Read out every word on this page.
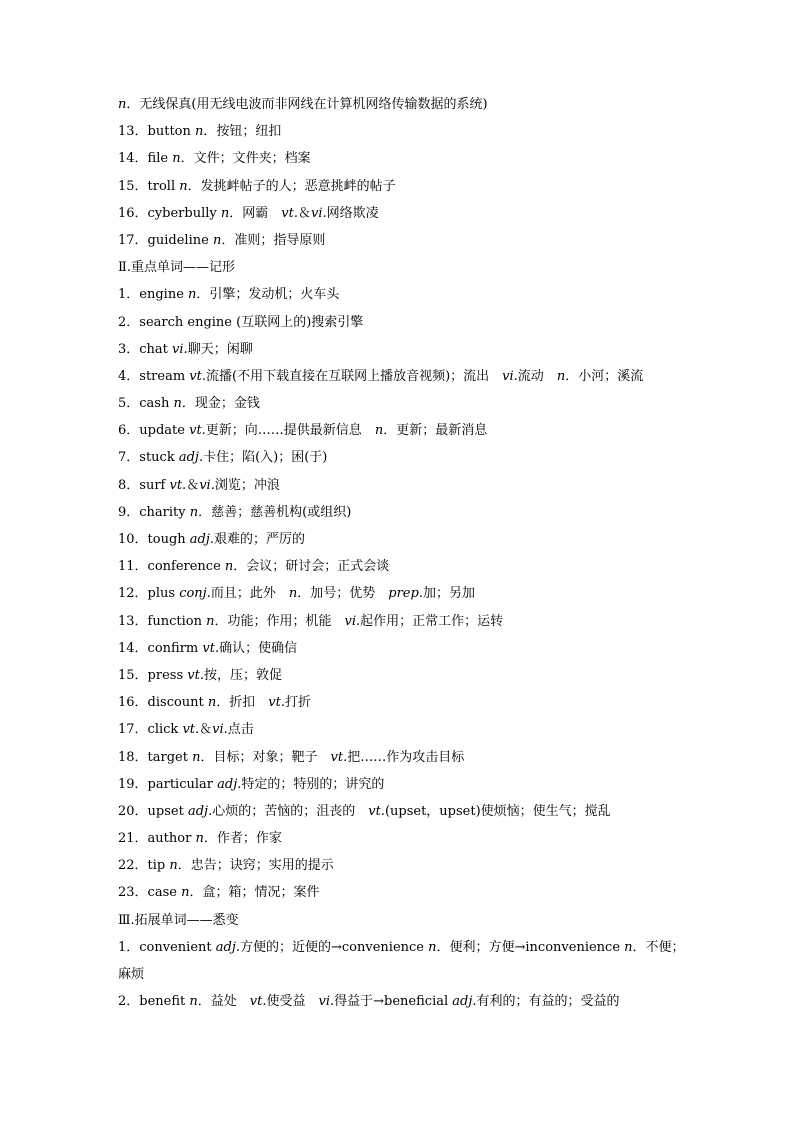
n．无线保真(用无线电波而非网线在计算机网络传输数据的系统)
13．button n．按钮；纽扣
14．file n．文件；文件夹；档案
15．troll n．发挑衅帖子的人；恶意挑衅的帖子
16．cyberbully n．网霸　vt.＆vi.网络欺凌
17．guideline n．准则；指导原则
Ⅱ.重点单词——记形
1．engine n．引擎；发动机；火车头
2．search engine (互联网上的)搜索引擎
3．chat vi.聊天；闲聊
4．stream vt.流播(不用下载直接在互联网上播放音视频)；流出　vi.流动　n．小河；溪流
5．cash n．现金；金钱
6．update vt.更新；向……提供最新信息　n．更新；最新消息
7．stuck adj.卡住；陷(入)；困(于)
8．surf vt.＆vi.浏览；冲浪
9．charity n．慈善；慈善机构(或组织)
10．tough adj.艰难的；严厉的
11．conference n．会议；研讨会；正式会谈
12．plus conj.而且；此外　n．加号；优势　prep.加；另加
13．function n．功能；作用；机能　vi.起作用；正常工作；运转
14．confirm vt.确认；使确信
15．press vt.按，压；敦促
16．discount n．折扣　vt.打折
17．click vt.＆vi.点击
18．target n．目标；对象；靶子　vt.把……作为攻击目标
19．particular adj.特定的；特别的；讲究的
20．upset adj.心烦的；苦恼的；沮丧的　vt.(upset，upset)使烦恼；使生气；搅乱
21．author n．作者；作家
22．tip n．忠告；诀窍；实用的提示
23．case n．盒；箱；情况；案件
Ⅲ.拓展单词——悉变
1．convenient adj.方便的；近便的→convenience n．便利；方便→inconvenience n．不便；麻烦
2．benefit n．益处　vt.使受益　vi.得益于→beneficial adj.有利的；有益的；受益的
